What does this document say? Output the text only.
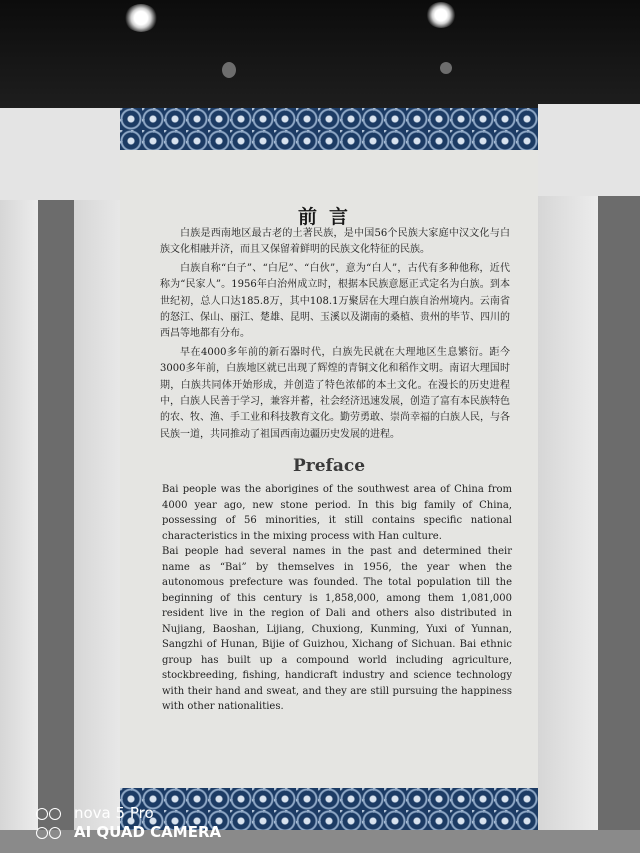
前言

白族是西南地区最古老的土著民族，是中国56个民族大家庭中汉文化与白族文化相融并济，而且又保留着鲜明的民族文化特征的民族。

白族自称“白子”、“白尼”、“白伙”，意为“白人”，古代有多种他称，近代称为“民家人”。1956年白治州成立时，根据本民族意愿正式定名为白族。到本世纪初，总人口达185.8万，其中108.1万聚居在大理白族自治州境内。云南省的怒江、保山、丽江、楚雄、昆明、玉溪以及湖南的桑植、贵州的毕节、四川的西昌等地都有分布。

早在4000多年前的新石器时代，白族先民就在大理地区生息繁衍。距今3000多年前，白族地区就已出现了辉煌的青铜文化和稻作文明。南诏大理国时期，白族共同体开始形成，并创造了特色浓郁的本土文化。在漫长的历史进程中，白族人民善于学习，兼容并蓄，社会经济迅速发展，创造了富有本民族特色的农、牧、渔、手工业和科技教育文化。勤劳勇敢、崇尚幸福的白族人民，与各民族一道，共同推动了祖国西南边疆历史发展的进程。

Preface

Bai people was the aborigines of the southwest area of China from 4000 year ago, new stone period. In this big family of China, possessing of 56 minorities, it still contains specific national characteristics in the mixing process with Han culture.

Bai people had several names in the past and determined their name as “Bai” by themselves in 1956, the year when the autonomous prefecture was founded. The total population till the beginning of this century is 1,858,000, among them 1,081,000 resident live in the region of Dali and others also distributed in Nujiang, Baoshan, Lijiang, Chuxiong, Kunming, Yuxi of Yunnan, Sangzhi of Hunan, Bijie of Guizhou, Xichang of Sichuan. Bai ethnic group has built up a compound world including agriculture, stockbreeding, fishing, handicraft industry and science technology with their hand and sweat, and they are still pursuing the happiness with other nationalities.

nova 5 Pro
AI QUAD CAMERA
